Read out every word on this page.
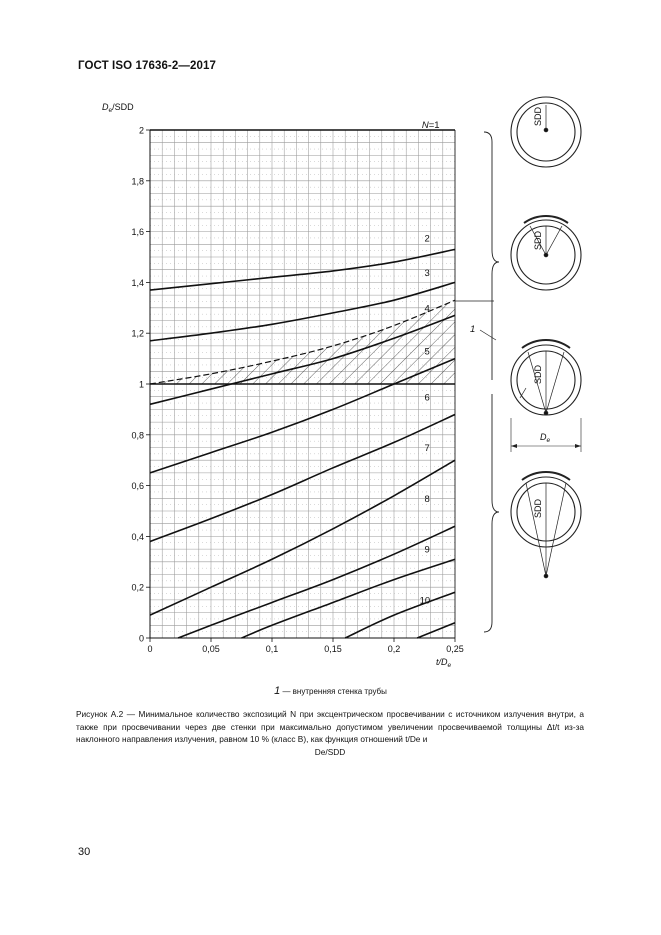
ГОСТ ISO 17636-2—2017
0	0,05	0,1	0,15	0,2	0,25
0
0,2
0,4
0,6
0,8
1
1,2
1,4
1,6
1,8
2	N=1
2
3
4
5
6
7
8
9
10
$D_e$/SDD
$t/D_e$
1
SDD
SDD
SDD
$D_e$
SDD
1 — внутренняя стенка трубы
Рисунок A.2 — Минимальное количество экспозиций N при эксцентрическом просвечивании с источником излучения внутри, а также при просвечивании через две стенки при максимально допустимом увеличении просвечиваемой толщины Δt/t из-за наклонного направления излучения, равном 10 % (класс B), как функция отношений t/De и
De/SDD
30
